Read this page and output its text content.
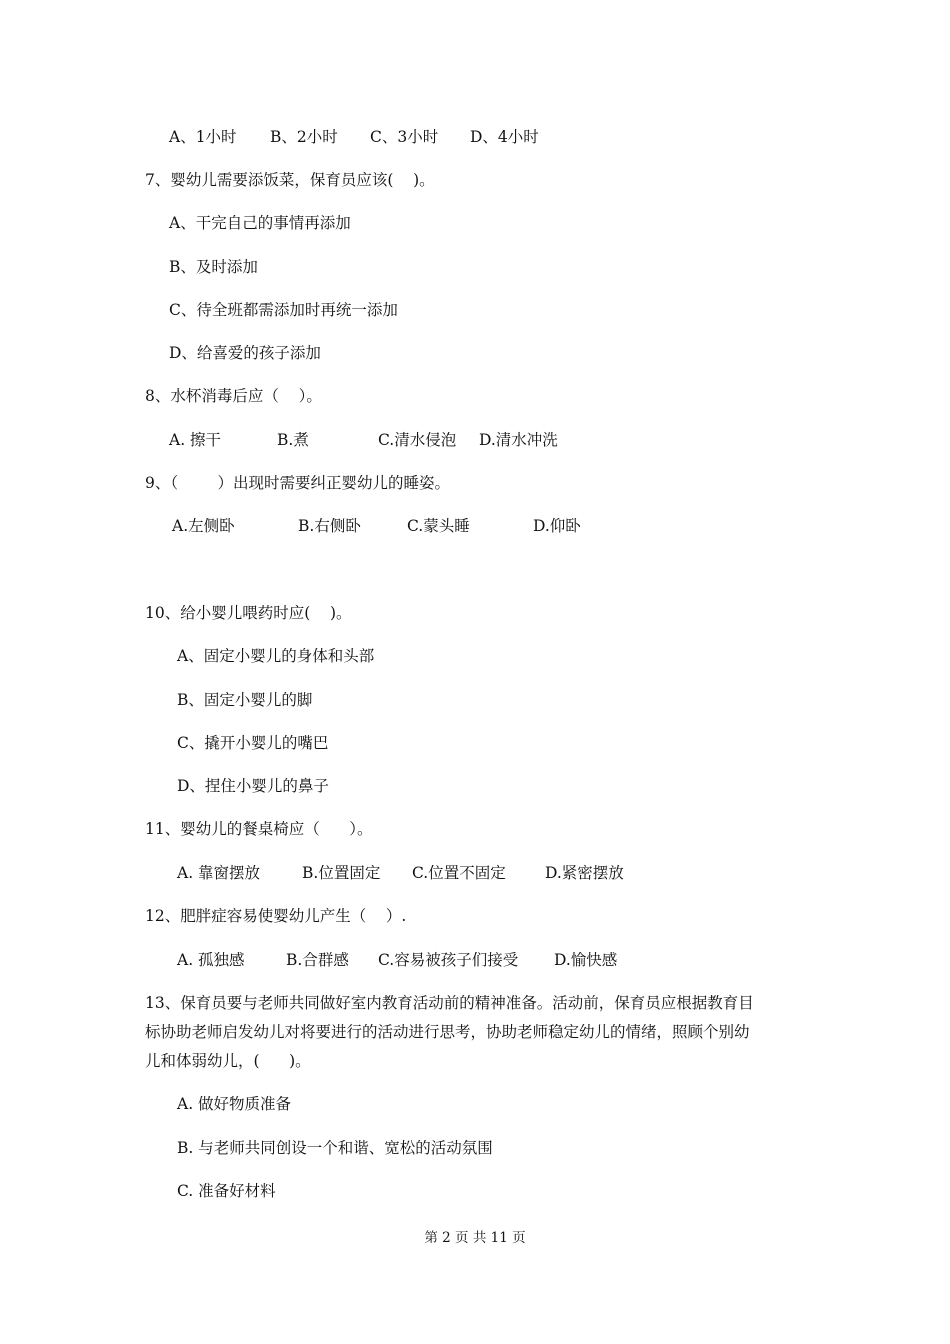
A、1小时 B、2小时 C、3小时 D、4小时
7、婴幼儿需要添饭菜，保育员应该(    )。
A、干完自己的事情再添加
B、及时添加
C、待全班都需添加时再统一添加
D、给喜爱的孩子添加
8、水杯消毒后应（    ）。
A. 擦干	B.煮	C.清水侵泡 D.清水冲洗
9、（        ）出现时需要纠正婴幼儿的睡姿。
A.左侧卧	B.右侧卧	C.蒙头睡	D.仰卧
10、给小婴儿喂药时应(    )。
A、固定小婴儿的身体和头部
B、固定小婴儿的脚
C、撬开小婴儿的嘴巴
D、捏住小婴儿的鼻子
11、婴幼儿的餐桌椅应（      ）。
A. 靠窗摆放	B.位置固定 C.位置不固定	D.紧密摆放
12、肥胖症容易使婴幼儿产生（    ）.
A. 孤独感	B.合群感 C.容易被孩子们接受 D.愉快感
13、保育员要与老师共同做好室内教育活动前的精神准备。活动前，保育员应根据教育目
标协助老师启发幼儿对将要进行的活动进行思考，协助老师稳定幼儿的情绪，照顾个别幼
儿和体弱幼儿，(      )。
A. 做好物质准备
B. 与老师共同创设一个和谐、宽松的活动氛围
C. 准备好材料
第 2 页 共 11 页
